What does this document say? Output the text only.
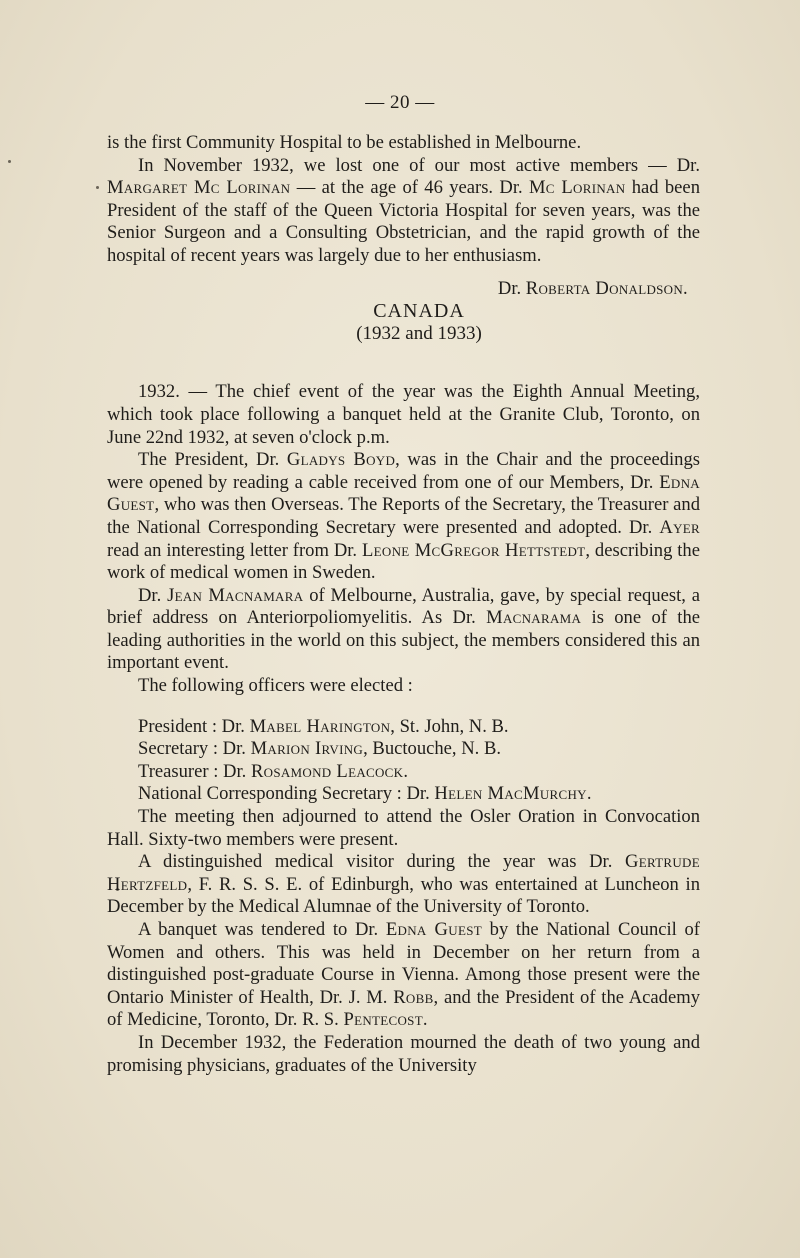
— 20 —

is the first Community Hospital to be established in Melbourne.

In November 1932, we lost one of our most active members — Dr. Margaret Mc Lorinan — at the age of 46 years. Dr. Mc Lorinan had been President of the staff of the Queen Victoria Hospital for seven years, was the Senior Surgeon and a Consulting Obstetrician, and the rapid growth of the hospital of recent years was largely due to her enthusiasm.

Dr. Roberta Donaldson.

CANADA

(1932 and 1933)

1932. — The chief event of the year was the Eighth Annual Meeting, which took place following a banquet held at the Granite Club, Toronto, on June 22nd 1932, at seven o'clock p.m.

The President, Dr. Gladys Boyd, was in the Chair and the proceedings were opened by reading a cable received from one of our Members, Dr. Edna Guest, who was then Overseas. The Reports of the Secretary, the Treasurer and the National Corresponding Secretary were presented and adopted. Dr. Ayer read an interesting letter from Dr. Leone McGregor Hettstedt, describing the work of medical women in Sweden.

Dr. Jean Macnamara of Melbourne, Australia, gave, by special request, a brief address on Anteriorpoliomyelitis. As Dr. Macnarama is one of the leading authorities in the world on this subject, the members considered this an important event.

The following officers were elected :

President : Dr. Mabel Harington, St. John, N. B.
Secretary : Dr. Marion Irving, Buctouche, N. B.
Treasurer : Dr. Rosamond Leacock.
National Corresponding Secretary : Dr. Helen MacMurchy.

The meeting then adjourned to attend the Osler Oration in Convocation Hall. Sixty-two members were present.

A distinguished medical visitor during the year was Dr. Gertrude Hertzfeld, F. R. S. S. E. of Edinburgh, who was entertained at Luncheon in December by the Medical Alumnae of the University of Toronto.

A banquet was tendered to Dr. Edna Guest by the National Council of Women and others. This was held in December on her return from a distinguished post-graduate Course in Vienna. Among those present were the Ontario Minister of Health, Dr. J. M. Robb, and the President of the Academy of Medicine, Toronto, Dr. R. S. Pentecost.

In December 1932, the Federation mourned the death of two young and promising physicians, graduates of the University
